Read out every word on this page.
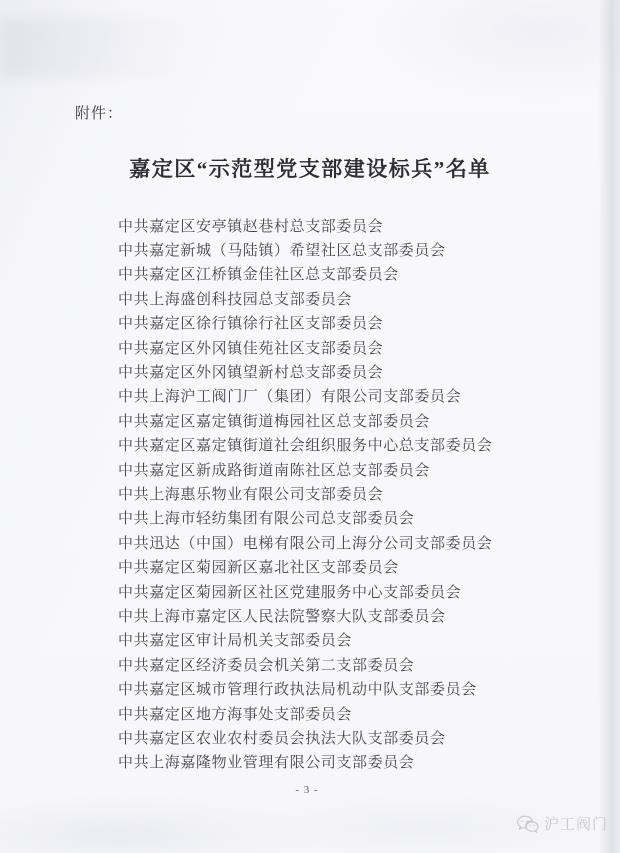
附件：
嘉定区“示范型党支部建设标兵”名单
中共嘉定区安亭镇赵巷村总支部委员会
中共嘉定新城（马陆镇）希望社区总支部委员会
中共嘉定区江桥镇金佳社区总支部委员会
中共上海盛创科技园总支部委员会
中共嘉定区徐行镇徐行社区支部委员会
中共嘉定区外冈镇佳苑社区支部委员会
中共嘉定区外冈镇望新村总支部委员会
中共上海沪工阀门厂（集团）有限公司支部委员会
中共嘉定区嘉定镇街道梅园社区总支部委员会
中共嘉定区嘉定镇街道社会组织服务中心总支部委员会
中共嘉定区新成路街道南陈社区总支部委员会
中共上海惠乐物业有限公司支部委员会
中共上海市轻纺集团有限公司总支部委员会
中共迅达（中国）电梯有限公司上海分公司支部委员会
中共嘉定区菊园新区嘉北社区支部委员会
中共嘉定区菊园新区社区党建服务中心支部委员会
中共上海市嘉定区人民法院警察大队支部委员会
中共嘉定区审计局机关支部委员会
中共嘉定区经济委员会机关第二支部委员会
中共嘉定区城市管理行政执法局机动中队支部委员会
中共嘉定区地方海事处支部委员会
中共嘉定区农业农村委员会执法大队支部委员会
中共上海嘉隆物业管理有限公司支部委员会
- 3 -
沪工阀门
